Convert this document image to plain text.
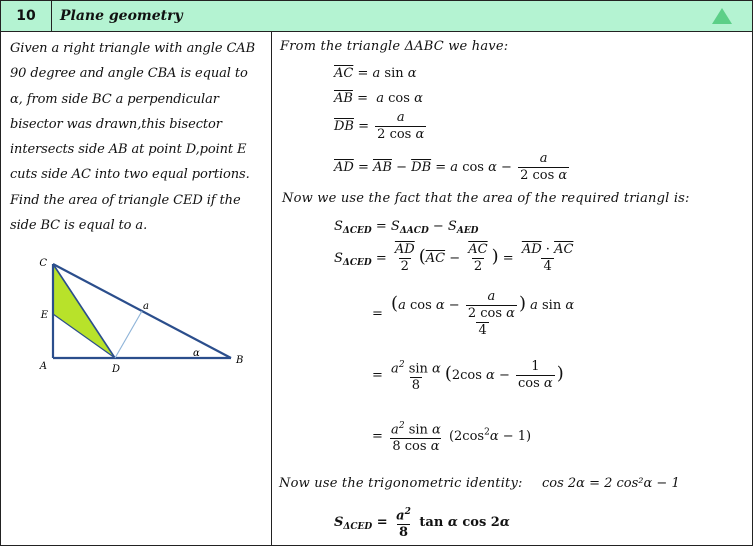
10	Plane geometry
Given a right triangle with angle CAB
90 degree and angle CBA is equal to
α, from side BC a perpendicular
bisector was drawn,this bisector
intersects side AB at point D,point E
cuts side AC into two equal portions.
Find the area of triangle CED if the
side BC is equal to a.
C
E
A	D
B
a
α
From the triangle ΔABC we have:
$\overline{AC} = a$ sin α
$\overline{AB} = a$ cos α
$\overline{DB} = \frac{a}{\text{2 cos α}}$
$\overline{AD} = \overline{AB} - \overline{DB} = a$ $\cos \alpha - \frac{a}{\text{2 cos α}}$
Now we use the fact that the area of the required triangl is:
$S_{\Delta CED} = S_{\Delta ACD} - S_{AED}$
$S_{\Delta CED} = \frac{\overline{AD}}{2} (\overline{AC} - \frac{\overline{AC}}{2}$ ) = $\frac{\overline{AD} \cdot \overline{AC}}{4}$
= $\frac{(a \cos \alpha - \frac{a}{\text{2 cos α}} ) a \sin \alpha}{4}$
= $\frac{a^2 \sin \alpha}{8} (2\cos$ $\alpha - \frac{1}{\text{cos α}}$ )
= $\frac{a^2 \sin \alpha}{\text{8 cos α}} (2\cos^2\alpha - 1)$
Now use the trigonometric identity: cos 2α = 2 cos²α − 1
$S_{\Delta CED} = \frac{a^2}{8}$ tan α cos 2α
